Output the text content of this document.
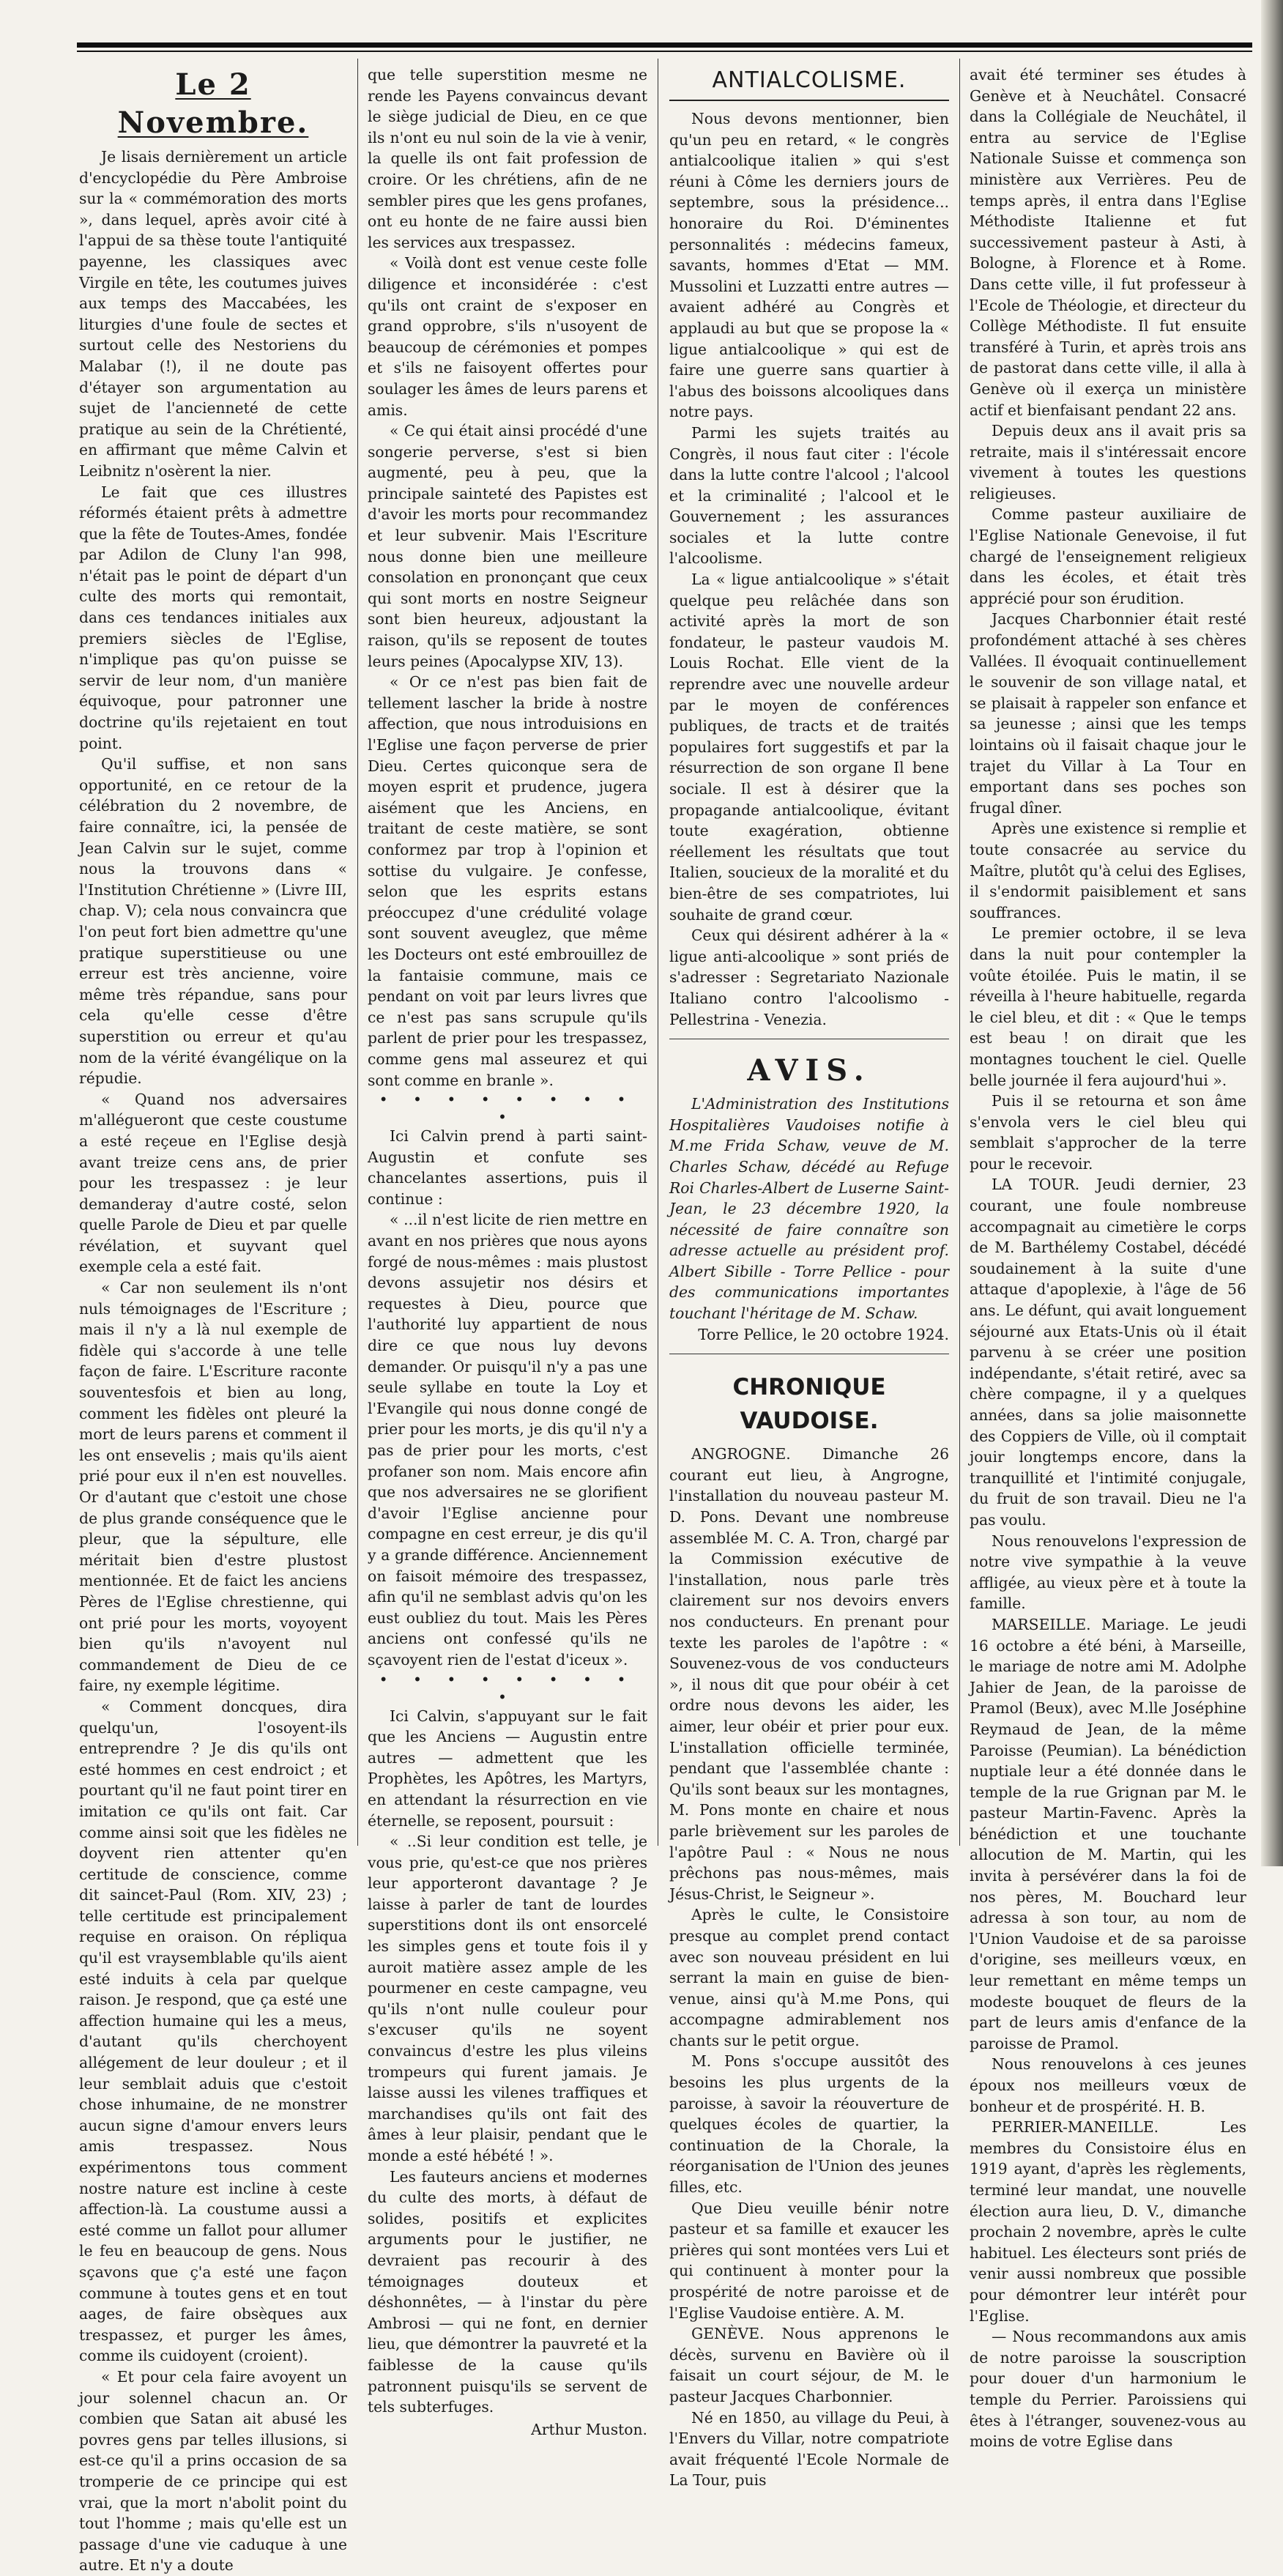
Le 2 Novembre.

Je lisais dernièrement un article d'encyclopédie du Père Ambroise sur la « commémoration des morts », dans lequel, après avoir cité à l'appui de sa thèse toute l'antiquité payenne, les classiques avec Virgile en tête, les coutumes juives aux temps des Maccabées, les liturgies d'une foule de sectes et surtout celle des Nestoriens du Malabar (!), il ne doute pas d'étayer son argumentation au sujet de l'ancienneté de cette pratique au sein de la Chrétienté, en affirmant que même Calvin et Leibnitz n'osèrent la nier.

Le fait que ces illustres réformés étaient prêts à admettre que la fête de Toutes-Ames, fondée par Adilon de Cluny l'an 998, n'était pas le point de départ d'un culte des morts qui remontait, dans ces tendances initiales aux premiers siècles de l'Eglise, n'implique pas qu'on puisse se servir de leur nom, d'un manière équivoque, pour patronner une doctrine qu'ils rejetaient en tout point.

Qu'il suffise, et non sans opportunité, en ce retour de la célébration du 2 novembre, de faire connaître, ici, la pensée de Jean Calvin sur le sujet, comme nous la trouvons dans « l'Institution Chrétienne » (Livre III, chap. V); cela nous convaincra que l'on peut fort bien admettre qu'une pratique superstitieuse ou une erreur est très ancienne, voire même très répandue, sans pour cela qu'elle cesse d'être superstition ou erreur et qu'au nom de la vérité évangélique on la répudie.

« Quand nos adversaires m'allégueront que ceste coustume a esté reçeue en l'Eglise desjà avant treize cens ans, de prier pour les trespassez : je leur demanderay d'autre costé, selon quelle Parole de Dieu et par quelle révélation, et suyvant quel exemple cela a esté fait.

« Car non seulement ils n'ont nuls témoignages de l'Escriture ; mais il n'y a là nul exemple de fidèle qui s'accorde à une telle façon de faire. L'Escriture raconte souventesfois et bien au long, comment les fidèles ont pleuré la mort de leurs parens et comment il les ont ensevelis ; mais qu'ils aient prié pour eux il n'en est nouvelles. Or d'autant que c'estoit une chose de plus grande conséquence que le pleur, que la sépulture, elle méritait bien d'estre plustost mentionnée. Et de faict les anciens Pères de l'Eglise chrestienne, qui ont prié pour les morts, voyoyent bien qu'ils n'avoyent nul commandement de Dieu de ce faire, ny exemple légitime.

« Comment doncques, dira quelqu'un, l'osoyent-ils entreprendre ? Je dis qu'ils ont esté hommes en cest endroict ; et pourtant qu'il ne faut point tirer en imitation ce qu'ils ont fait. Car comme ainsi soit que les fidèles ne doyvent rien attenter qu'en certitude de conscience, comme dit saincet-Paul (Rom. XIV, 23) ; telle certitude est principalement requise en oraison. On répliqua qu'il est vraysemblable qu'ils aient esté induits à cela par quelque raison. Je respond, que ça esté une affection humaine qui les a meus, d'autant qu'ils cherchoyent allégement de leur douleur ; et il leur semblait aduis que c'estoit chose inhumaine, de ne monstrer aucun signe d'amour envers leurs amis trespassez. Nous expérimentons tous comment nostre nature est incline à ceste affection-là. La coustume aussi a esté comme un fallot pour allumer le feu en beaucoup de gens. Nous sçavons que ç'a esté une façon commune à toutes gens et en tout aages, de faire obsèques aux trespassez, et purger les âmes, comme ils cuidoyent (croient).

« Et pour cela faire avoyent un jour solennel chacun an. Or combien que Satan ait abusé les povres gens par telles illusions, si est-ce qu'il a prins occasion de sa tromperie de ce principe qui est vrai, que la mort n'abolit point du tout l'homme ; mais qu'elle est un passage d'une vie caduque à une autre. Et n'y a doute

que telle superstition mesme ne rende les Payens convaincus devant le siège judicial de Dieu, en ce que ils n'ont eu nul soin de la vie à venir, la quelle ils ont fait profession de croire. Or les chrétiens, afin de ne sembler pires que les gens profanes, ont eu honte de ne faire aussi bien les services aux trespassez.

« Voilà dont est venue ceste folle diligence et inconsidérée : c'est qu'ils ont craint de s'exposer en grand opprobre, s'ils n'usoyent de beaucoup de cérémonies et pompes et s'ils ne faisoyent offertes pour soulager les âmes de leurs parens et amis.

« Ce qui était ainsi procédé d'une songerie perverse, s'est si bien augmenté, peu à peu, que la principale sainteté des Papistes est d'avoir les morts pour recommandez et leur subvenir. Mais l'Escriture nous donne bien une meilleure consolation en prononçant que ceux qui sont morts en nostre Seigneur sont bien heureux, adjoustant la raison, qu'ils se reposent de toutes leurs peines (Apocalypse XIV, 13).

« Or ce n'est pas bien fait de tellement lascher la bride à nostre affection, que nous introduisions en l'Eglise une façon perverse de prier Dieu. Certes quiconque sera de moyen esprit et prudence, jugera aisément que les Anciens, en traitant de ceste matière, se sont conformez par trop à l'opinion et sottise du vulgaire. Je confesse, selon que les esprits estans préoccupez d'une crédulité volage sont souvent aveuglez, que même les Docteurs ont esté embrouillez de la fantaisie commune, mais ce pendant on voit par leurs livres que ce n'est pas sans scrupule qu'ils parlent de prier pour les trespassez, comme gens mal asseurez et qui sont comme en branle ».

• • • • • • • • •

Ici Calvin prend à parti saint-Augustin et confute ses chancelantes assertions, puis il continue :

« ...il n'est licite de rien mettre en avant en nos prières que nous ayons forgé de nous-mêmes : mais plustost devons assujetir nos désirs et requestes à Dieu, pource que l'authorité luy appartient de nous dire ce que nous luy devons demander. Or puisqu'il n'y a pas une seule syllabe en toute la Loy et l'Evangile qui nous donne congé de prier pour les morts, je dis qu'il n'y a pas de prier pour les morts, c'est profaner son nom. Mais encore afin que nos adversaires ne se glorifient d'avoir l'Eglise ancienne pour compagne en cest erreur, je dis qu'il y a grande différence. Anciennement on faisoit mémoire des trespassez, afin qu'il ne semblast advis qu'on les eust oubliez du tout. Mais les Pères anciens ont confessé qu'ils ne sçavoyent rien de l'estat d'iceux ».

• • • • • • • • •

Ici Calvin, s'appuyant sur le fait que les Anciens — Augustin entre autres — admettent que les Prophètes, les Apôtres, les Martyrs, en attendant la résurrection en vie éternelle, se reposent, poursuit :

« ..Si leur condition est telle, je vous prie, qu'est-ce que nos prières leur apporteront davantage ? Je laisse à parler de tant de lourdes superstitions dont ils ont ensorcelé les simples gens et toute fois il y auroit matière assez ample de les pourmener en ceste campagne, veu qu'ils n'ont nulle couleur pour s'excuser qu'ils ne soyent convaincus d'estre les plus vileins trompeurs qui furent jamais. Je laisse aussi les vilenes traffiques et marchandises qu'ils ont fait des âmes à leur plaisir, pendant que le monde a esté hébété ! ».

Les fauteurs anciens et modernes du culte des morts, à défaut de solides, positifs et explicites arguments pour le justifier, ne devraient pas recourir à des témoignages douteux et déshonnêtes, — à l'instar du père Ambrosi — qui ne font, en dernier lieu, que démontrer la pauvreté et la faiblesse de la cause qu'ils patronnent puisqu'ils se servent de tels subterfuges.

Arthur Muston.
ANTIALCOLISME.

Nous devons mentionner, bien qu'un peu en retard, « le congrès antialcoolique italien » qui s'est réuni à Côme les derniers jours de septembre, sous la présidence... honoraire du Roi. D'éminentes personnalités : médecins fameux, savants, hommes d'Etat — MM. Mussolini et Luzzatti entre autres — avaient adhéré au Congrès et applaudi au but que se propose la « ligue antialcoolique » qui est de faire une guerre sans quartier à l'abus des boissons alcooliques dans notre pays.

Parmi les sujets traités au Congrès, il nous faut citer : l'école dans la lutte contre l'alcool ; l'alcool et la criminalité ; l'alcool et le Gouvernement ; les assurances sociales et la lutte contre l'alcoolisme.

La « ligue antialcoolique » s'était quelque peu relâchée dans son activité après la mort de son fondateur, le pasteur vaudois M. Louis Rochat. Elle vient de la reprendre avec une nouvelle ardeur par le moyen de conférences publiques, de tracts et de traités populaires fort suggestifs et par la résurrection de son organe Il bene sociale. Il est à désirer que la propagande antialcoolique, évitant toute exagération, obtienne réellement les résultats que tout Italien, soucieux de la moralité et du bien-être de ses compatriotes, lui souhaite de grand cœur.

Ceux qui désirent adhérer à la « ligue anti-alcoolique » sont priés de s'adresser : Segretariato Nazionale Italiano contro l'alcoolismo - Pellestrina - Venezia.

AVIS.

L'Administration des Institutions Hospitalières Vaudoises notifie à M.me Frida Schaw, veuve de M. Charles Schaw, décédé au Refuge Roi Charles-Albert de Luserne Saint-Jean, le 23 décembre 1920, la nécessité de faire connaître son adresse actuelle au président prof. Albert Sibille - Torre Pellice - pour des communications importantes touchant l'héritage de M. Schaw.

Torre Pellice, le 20 octobre 1924.

CHRONIQUE VAUDOISE.

ANGROGNE. Dimanche 26 courant eut lieu, à Angrogne, l'installation du nouveau pasteur M. D. Pons. Devant une nombreuse assemblée M. C. A. Tron, chargé par la Commission exécutive de l'installation, nous parle très clairement sur nos devoirs envers nos conducteurs. En prenant pour texte les paroles de l'apôtre : « Souvenez-vous de vos conducteurs », il nous dit que pour obéir à cet ordre nous devons les aider, les aimer, leur obéir et prier pour eux. L'installation officielle terminée, pendant que l'assemblée chante : Qu'ils sont beaux sur les montagnes, M. Pons monte en chaire et nous parle brièvement sur les paroles de l'apôtre Paul : « Nous ne nous prêchons pas nous-mêmes, mais Jésus-Christ, le Seigneur ».

Après le culte, le Consistoire presque au complet prend contact avec son nouveau président en lui serrant la main en guise de bien-venue, ainsi qu'à M.me Pons, qui accompagne admirablement nos chants sur le petit orgue.

M. Pons s'occupe aussitôt des besoins les plus urgents de la paroisse, à savoir la réouverture de quelques écoles de quartier, la continuation de la Chorale, la réorganisation de l'Union des jeunes filles, etc.

Que Dieu veuille bénir notre pasteur et sa famille et exaucer les prières qui sont montées vers Lui et qui continuent à monter pour la prospérité de notre paroisse et de l'Eglise Vaudoise entière. A. M.

GENÈVE. Nous apprenons le décès, survenu en Bavière où il faisait un court séjour, de M. le pasteur Jacques Charbonnier.

Né en 1850, au village du Peui, à l'Envers du Villar, notre compatriote avait fréquenté l'Ecole Normale de La Tour, puis

avait été terminer ses études à Genève et à Neuchâtel. Consacré dans la Collégiale de Neuchâtel, il entra au service de l'Eglise Nationale Suisse et commença son ministère aux Verrières. Peu de temps après, il entra dans l'Eglise Méthodiste Italienne et fut successivement pasteur à Asti, à Bologne, à Florence et à Rome. Dans cette ville, il fut professeur à l'Ecole de Théologie, et directeur du Collège Méthodiste. Il fut ensuite transféré à Turin, et après trois ans de pastorat dans cette ville, il alla à Genève où il exerça un ministère actif et bienfaisant pendant 22 ans.

Depuis deux ans il avait pris sa retraite, mais il s'intéressait encore vivement à toutes les questions religieuses.

Comme pasteur auxiliaire de l'Eglise Nationale Genevoise, il fut chargé de l'enseignement religieux dans les écoles, et était très apprécié pour son érudition.

Jacques Charbonnier était resté profondément attaché à ses chères Vallées. Il évoquait continuellement le souvenir de son village natal, et se plaisait à rappeler son enfance et sa jeunesse ; ainsi que les temps lointains où il faisait chaque jour le trajet du Villar à La Tour en emportant dans ses poches son frugal dîner.

Après une existence si remplie et toute consacrée au service du Maître, plutôt qu'à celui des Eglises, il s'endormit paisiblement et sans souffrances.

Le premier octobre, il se leva dans la nuit pour contempler la voûte étoilée. Puis le matin, il se réveilla à l'heure habituelle, regarda le ciel bleu, et dit : « Que le temps est beau ! on dirait que les montagnes touchent le ciel. Quelle belle journée il fera aujourd'hui ».

Puis il se retourna et son âme s'envola vers le ciel bleu qui semblait s'approcher de la terre pour le recevoir.

LA TOUR. Jeudi dernier, 23 courant, une foule nombreuse accompagnait au cimetière le corps de M. Barthélemy Costabel, décédé soudainement à la suite d'une attaque d'apoplexie, à l'âge de 56 ans. Le défunt, qui avait longuement séjourné aux Etats-Unis où il était parvenu à se créer une position indépendante, s'était retiré, avec sa chère compagne, il y a quelques années, dans sa jolie maisonnette des Coppiers de Ville, où il comptait jouir longtemps encore, dans la tranquillité et l'intimité conjugale, du fruit de son travail. Dieu ne l'a pas voulu.

Nous renouvelons l'expression de notre vive sympathie à la veuve affligée, au vieux père et à toute la famille.

MARSEILLE. Mariage. Le jeudi 16 octobre a été béni, à Marseille, le mariage de notre ami M. Adolphe Jahier de Jean, de la paroisse de Pramol (Beux), avec M.lle Joséphine Reymaud de Jean, de la même Paroisse (Peumian). La bénédiction nuptiale leur a été donnée dans le temple de la rue Grignan par M. le pasteur Martin-Favenc. Après la bénédiction et une touchante allocution de M. Martin, qui les invita à persévérer dans la foi de nos pères, M. Bouchard leur adressa à son tour, au nom de l'Union Vaudoise et de sa paroisse d'origine, ses meilleurs vœux, en leur remettant en même temps un modeste bouquet de fleurs de la part de leurs amis d'enfance de la paroisse de Pramol.

Nous renouvelons à ces jeunes époux nos meilleurs vœux de bonheur et de prospérité. H. B.

PERRIER-MANEILLE. Les membres du Consistoire élus en 1919 ayant, d'après les règlements, terminé leur mandat, une nouvelle élection aura lieu, D. V., dimanche prochain 2 novembre, après le culte habituel. Les électeurs sont priés de venir aussi nombreux que possible pour démontrer leur intérêt pour l'Eglise.

— Nous recommandons aux amis de notre paroisse la souscription pour douer d'un harmonium le temple du Perrier. Paroissiens qui êtes à l'étranger, souvenez-vous au moins de votre Eglise dans
